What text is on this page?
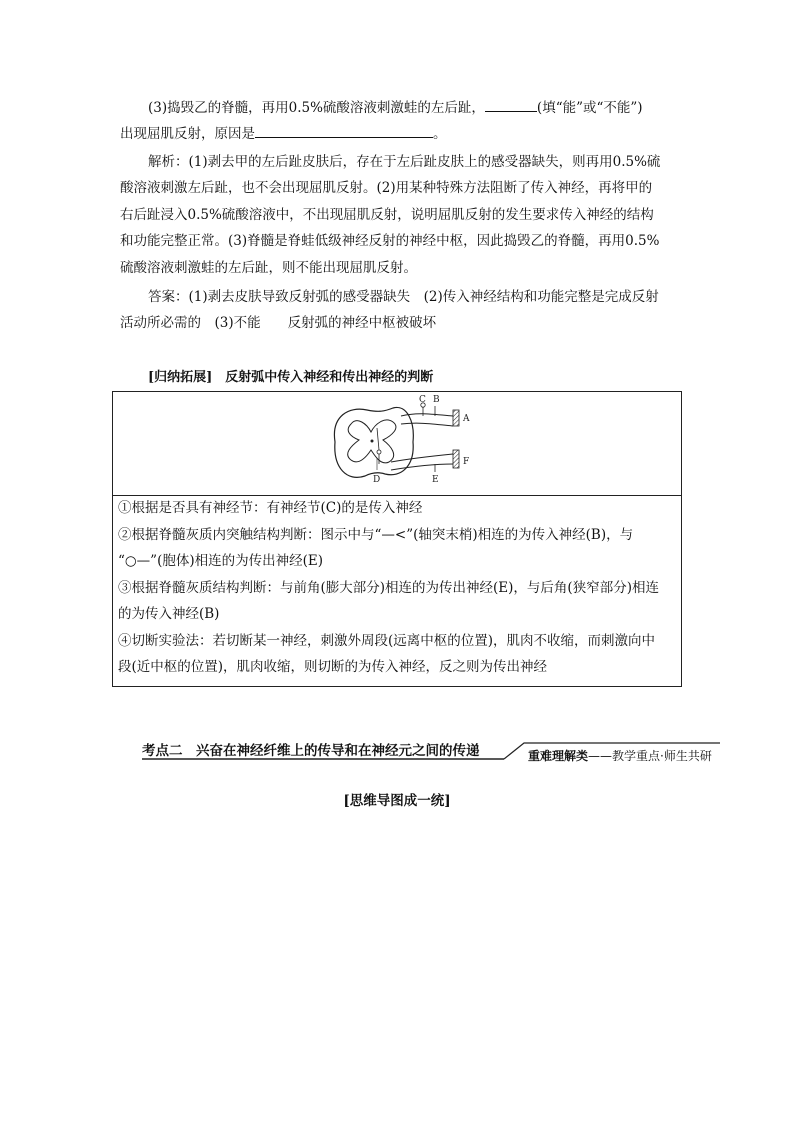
(3)捣毁乙的脊髓，再用0.5%硫酸溶液刺激蛙的左后趾，	(填“能”或“不能”)
出现屈肌反射，原因是	。
解析：(1)剥去甲的左后趾皮肤后，存在于左后趾皮肤上的感受器缺失，则再用0.5%硫
酸溶液刺激左后趾，也不会出现屈肌反射。(2)用某种特殊方法阻断了传入神经，再将甲的
右后趾浸入0.5%硫酸溶液中，不出现屈肌反射，说明屈肌反射的发生要求传入神经的结构
和功能完整正常。(3)脊髓是脊蛙低级神经反射的神经中枢，因此捣毁乙的脊髓，再用0.5%
硫酸溶液刺激蛙的左后趾，则不能出现屈肌反射。
答案：(1)剥去皮肤导致反射弧的感受器缺失　(2)传入神经结构和功能完整是完成反射
活动所必需的　(3)不能　　反射弧的神经中枢被破坏
[归纳拓展]　反射弧中传入神经和传出神经的判断
C B
A
D	E
F
①根据是否具有神经节：有神经节(C)的是传入神经
②根据脊髓灰质内突触结构判断：图示中与“—<”(轴突末梢)相连的为传入神经(B)，与
“○—”(胞体)相连的为传出神经(E)
③根据脊髓灰质结构判断：与前角(膨大部分)相连的为传出神经(E)，与后角(狭窄部分)相连
的为传入神经(B)
④切断实验法：若切断某一神经，刺激外周段(远离中枢的位置)，肌肉不收缩，而刺激向中
段(近中枢的位置)，肌肉收缩，则切断的为传入神经，反之则为传出神经
考点二　兴奋在神经纤维上的传导和在神经元之间的传递	重难理解类——教学重点·师生共研
[思维导图成一统]
